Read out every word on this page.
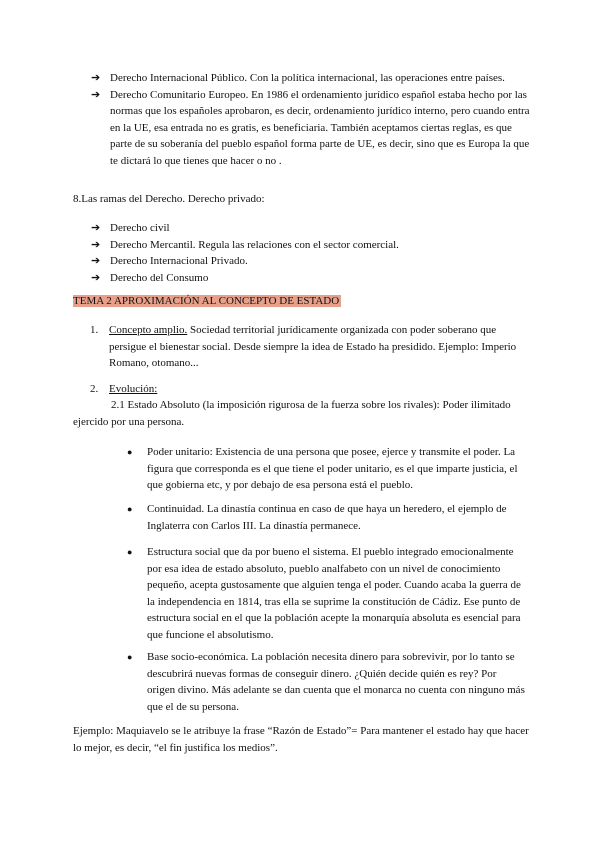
➔ Derecho Internacional Público. Con la política internacional, las operaciones entre países.

➔ Derecho Comunitario Europeo. En 1986 el ordenamiento jurídico español estaba hecho por las normas que los españoles aprobaron, es decir, ordenamiento jurídico interno, pero cuando entra en la UE, esa entrada no es gratis, es beneficiaria. También aceptamos ciertas reglas, es que parte de su soberanía del pueblo español forma parte de UE, es decir, sino que es Europa la que te dictará lo que tienes que hacer o no .

8.Las ramas del Derecho. Derecho privado:

➔ Derecho civil

➔ Derecho Mercantil. Regula las relaciones con el sector comercial.

➔ Derecho Internacional Privado.

➔ Derecho del Consumo

TEMA 2 APROXIMACIÓN AL CONCEPTO DE ESTADO

1. Concepto amplio. Sociedad territorial jurídicamente organizada con poder soberano que persigue el bienestar social. Desde siempre la idea de Estado ha presidido. Ejemplo: Imperio Romano, otomano...
2. Evolución:

2.1 Estado Absoluto (la imposición rigurosa de la fuerza sobre los rivales): Poder ilimitado ejercido por una persona.

● Poder unitario: Existencia de una persona que posee, ejerce y transmite el poder. La figura que corresponda es el que tiene el poder unitario, es el que imparte justicia, el que gobierna etc, y por debajo de esa persona está el pueblo.
● Continuidad. La dinastía continua en caso de que haya un heredero, el ejemplo de Inglaterra con Carlos III. La dinastía permanece.
● Estructura social que da por bueno el sistema. El pueblo integrado emocionalmente por esa idea de estado absoluto, pueblo analfabeto con un nivel de conocimiento pequeño, acepta gustosamente que alguien tenga el poder. Cuando acaba la guerra de la independencia en 1814, tras ella se suprime la constitución de Cádiz. Ese punto de estructura social en el que la población acepte la monarquía absoluta es esencial para que funcione el absolutismo.
● Base socio-económica. La población necesita dinero para sobrevivir, por lo tanto se descubrirá nuevas formas de conseguir dinero. ¿Quién decide quién es rey? Por origen divino. Más adelante se dan cuenta que el monarca no cuenta con ninguno más que el de su persona.

Ejemplo: Maquiavelo se le atribuye la frase “Razón de Estado”= Para mantener el estado hay que hacer lo mejor, es decir, “el fin justifica los medios”.
